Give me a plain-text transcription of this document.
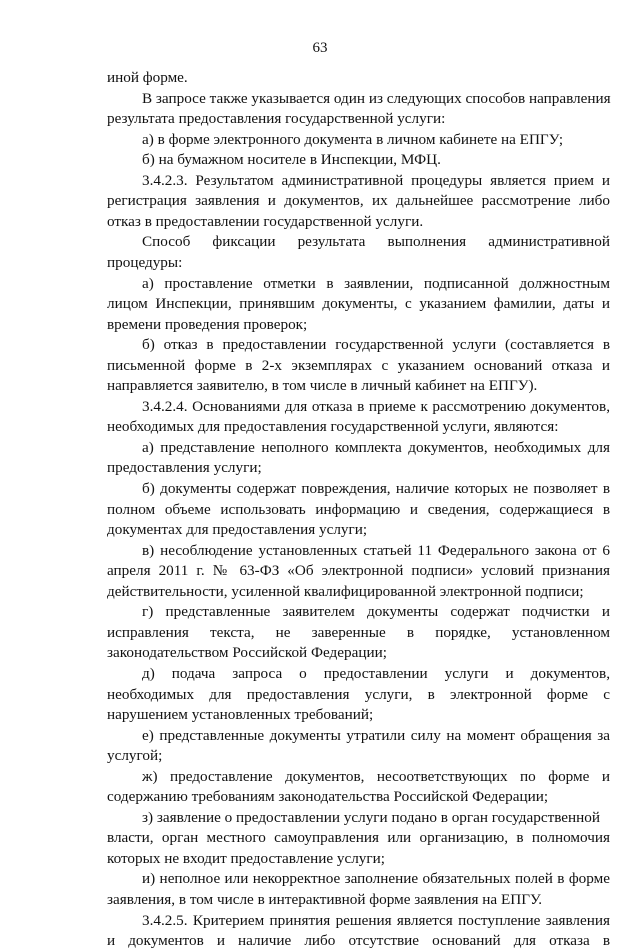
63
иной форме.
В запросе также указывается один из следующих способов направления
результата предоставления государственной услуги:
а) в форме электронного документа в личном кабинете на ЕПГУ;
б) на бумажном носителе в Инспекции, МФЦ.
3.4.2.3. Результатом административной процедуры является прием и
регистрация заявления и документов, их дальнейшее рассмотрение либо
отказ в предоставлении государственной услуги.
Способ фиксации результата выполнения административной
процедуры:
а) проставление отметки в заявлении, подписанной должностным
лицом Инспекции, принявшим документы, с указанием фамилии, даты и
времени проведения проверок;
б) отказ в предоставлении государственной услуги (составляется в
письменной форме в 2-х экземплярах с указанием оснований отказа и
направляется заявителю, в том числе в личный кабинет на ЕПГУ).
3.4.2.4. Основаниями для отказа в приеме к рассмотрению документов,
необходимых для предоставления государственной услуги, являются:
а) представление неполного комплекта документов, необходимых для
предоставления услуги;
б) документы содержат повреждения, наличие которых не позволяет в
полном объеме использовать информацию и сведения, содержащиеся в
документах для предоставления услуги;
в) несоблюдение установленных статьей 11 Федерального закона от 6
апреля 2011 г. № 63-ФЗ «Об электронной подписи» условий признания
действительности, усиленной квалифицированной электронной подписи;
г) представленные заявителем документы содержат подчистки и
исправления текста, не заверенные в порядке, установленном
законодательством Российской Федерации;
д) подача запроса о предоставлении услуги и документов,
необходимых для предоставления услуги, в электронной форме с
нарушением установленных требований;
е) представленные документы утратили силу на момент обращения за
услугой;
ж) предоставление документов, несоответствующих по форме и
содержанию требованиям законодательства Российской Федерации;
з) заявление о предоставлении услуги подано в орган государственной
власти, орган местного самоуправления или организацию, в полномочия
которых не входит предоставление услуги;
и) неполное или некорректное заполнение обязательных полей в форме
заявления, в том числе в интерактивной форме заявления на ЕПГУ.
3.4.2.5. Критерием принятия решения является поступление заявления
и документов и наличие либо отсутствие оснований для отказа в
